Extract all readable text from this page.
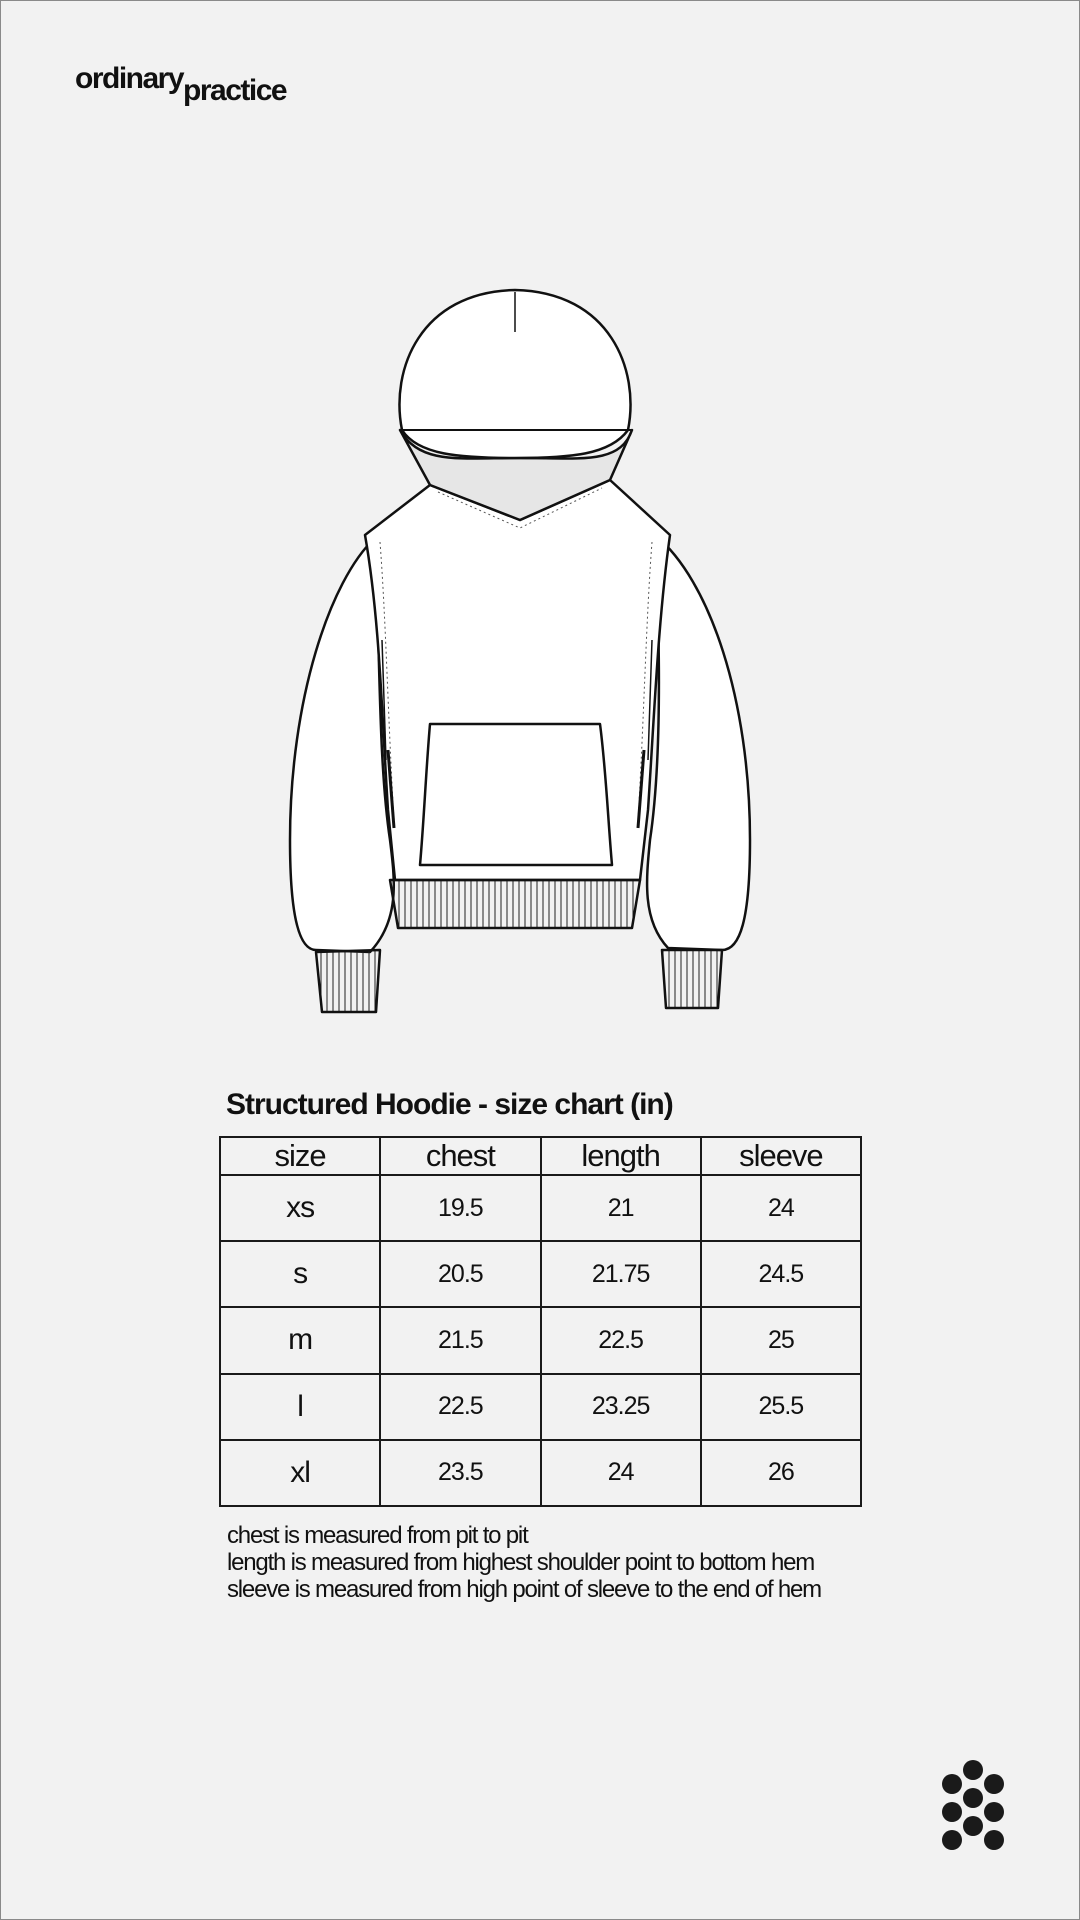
ordinarypractice
Structured Hoodie - size chart (in)
size	chest	length	sleeve
xs	19.5	21	24
s	20.5	21.75	24.5
m	21.5	22.5	25
l	22.5	23.25	25.5
xl	23.5	24	26
chest is measured from pit to pit
length is measured from highest shoulder point to bottom hem
sleeve is measured from high point of sleeve to the end of hem
